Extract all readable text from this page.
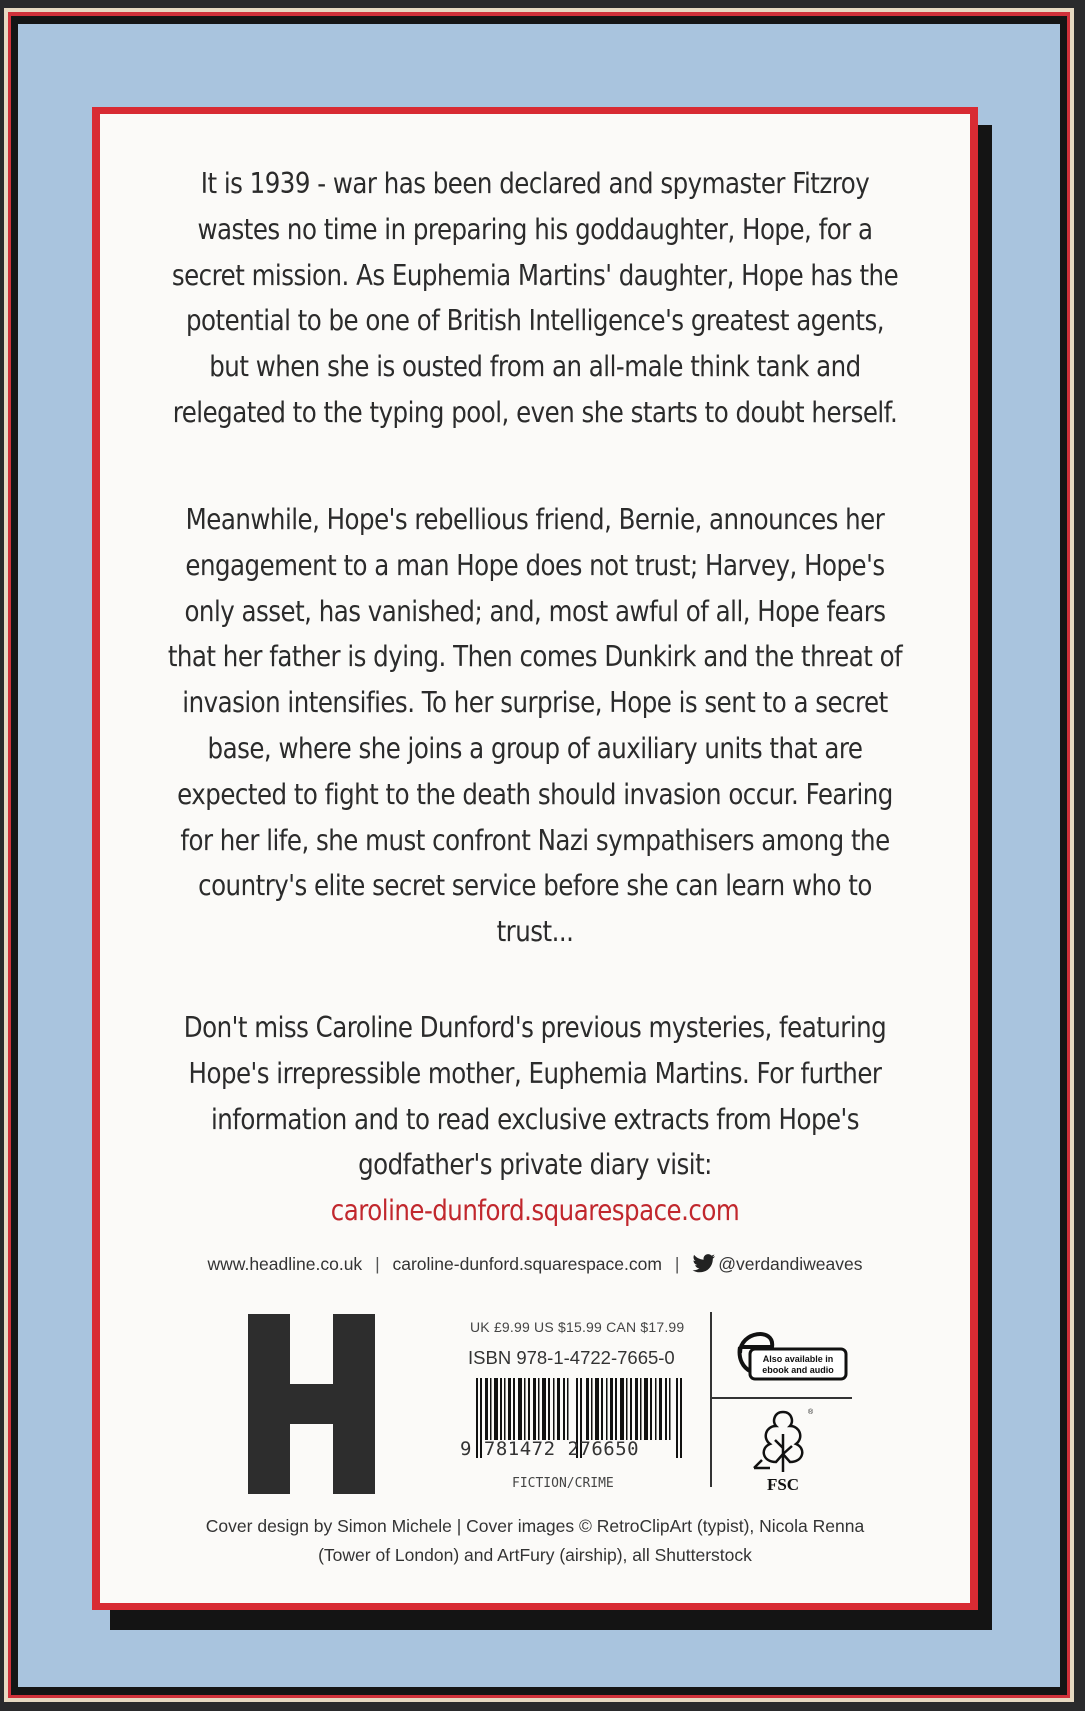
It is 1939 - war has been declared and spymaster Fitzroy wastes no time in preparing his goddaughter, Hope, for a secret mission. As Euphemia Martins' daughter, Hope has the potential to be one of British Intelligence's greatest agents, but when she is ousted from an all-male think tank and relegated to the typing pool, even she starts to doubt herself.

Meanwhile, Hope's rebellious friend, Bernie, announces her engagement to a man Hope does not trust; Harvey, Hope's only asset, has vanished; and, most awful of all, Hope fears that her father is dying. Then comes Dunkirk and the threat of invasion intensifies. To her surprise, Hope is sent to a secret base, where she joins a group of auxiliary units that are expected to fight to the death should invasion occur. Fearing for her life, she must confront Nazi sympathisers among the country's elite secret service before she can learn who to trust...

Don't miss Caroline Dunford's previous mysteries, featuring Hope's irrepressible mother, Euphemia Martins. For further information and to read exclusive extracts from Hope's godfather's private diary visit:
caroline-dunford.squarespace.com

www.headline.co.uk | caroline-dunford.squarespace.com | @verdandiweaves
UK £9.99 US $15.99 CAN $17.99
ISBN 978-1-4722-7665-0
9 781472 276650
FICTION/CRIME
Also available in
ebook and audio
®
FSC
Cover design by Simon Michele | Cover images © RetroClipArt (typist), Nicola Renna
(Tower of London) and ArtFury (airship), all Shutterstock
